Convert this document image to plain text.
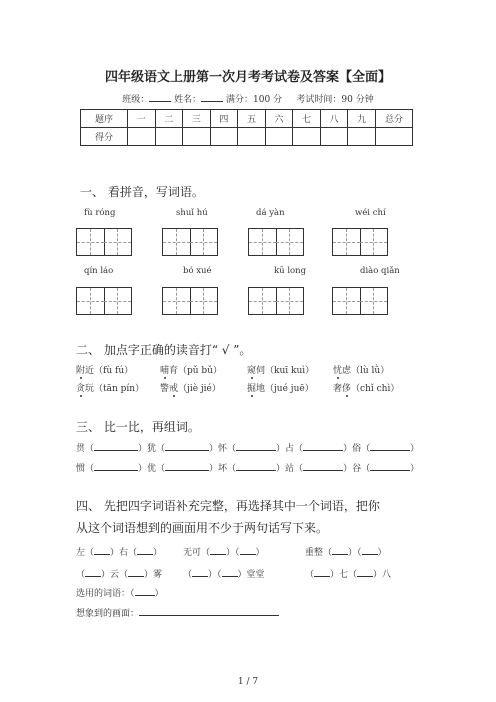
四年级语文上册第一次月考考试卷及答案【全面】
班级：	姓名：	满分：100 分 考试时间：90 分钟
题序	一	二	三	四	五	六	七	八	九	总分
得分										
一、 看拼音，写词语。
fù róng	shuǐ hú	dá yàn	wéi chí
qín láo	bó xué	kū long	diào qiǎn
二、 加点字正确的读音打“ √ ”。
附近（fù fú）	哺育（pǔ bǔ）	窥伺（kuī kuì） 忧虑（lù lǜ）
贪玩（tān pín） 警戒（jiè jié）	掘地（jué juē） 奢侈（chǐ chì）
三、 比一比，再组词。
贯（	）犹（	）怀（	）占（	）俗（	）
惯（	）优（	）坏（	）站（	）谷（	）
四、 先把四字词语补充完整，再选择其中一个词语，把你
从这个词语想到的画面用不少于两句话写下来。
左（ ）右（ ） 无可（ ）（ ）	重整（ ）（ ）
（ ）云（ ）雾 （ ）（ ）堂堂	（ ）七（ ）八
选用的词语：（ ）
想象到的画面：
1 / 7
